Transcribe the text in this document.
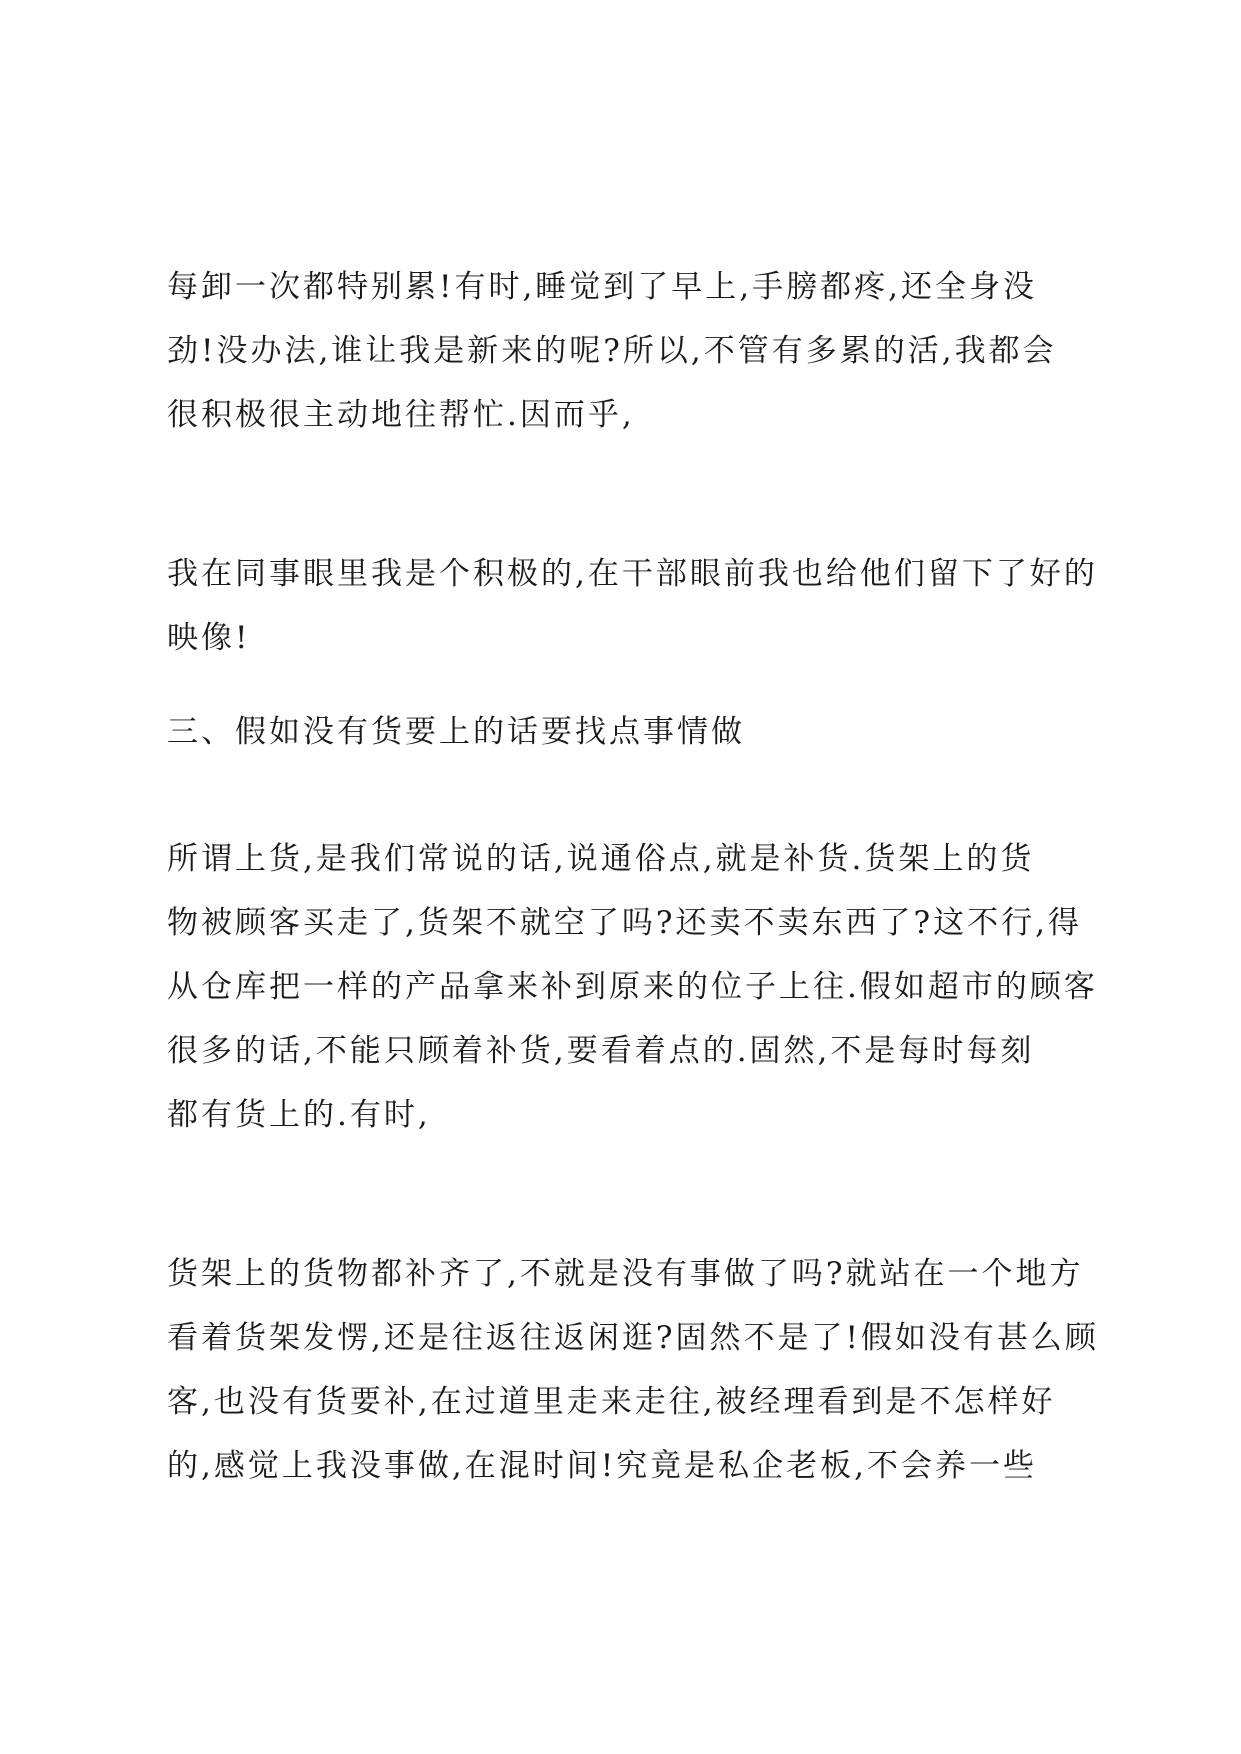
每卸一次都特别累!有时,睡觉到了早上,手膀都疼,还全身没
劲!没办法,谁让我是新来的呢?所以,不管有多累的活,我都会
很积极很主动地往帮忙.因而乎,
我在同事眼里我是个积极的,在干部眼前我也给他们留下了好的
映像!
三、假如没有货要上的话要找点事情做
所谓上货,是我们常说的话,说通俗点,就是补货.货架上的货
物被顾客买走了,货架不就空了吗?还卖不卖东西了?这不行,得
从仓库把一样的产品拿来补到原来的位子上往.假如超市的顾客
很多的话,不能只顾着补货,要看着点的.固然,不是每时每刻
都有货上的.有时,
货架上的货物都补齐了,不就是没有事做了吗?就站在一个地方
看着货架发愣,还是往返往返闲逛?固然不是了!假如没有甚么顾
客,也没有货要补,在过道里走来走往,被经理看到是不怎样好
的,感觉上我没事做,在混时间!究竟是私企老板,不会养一些
